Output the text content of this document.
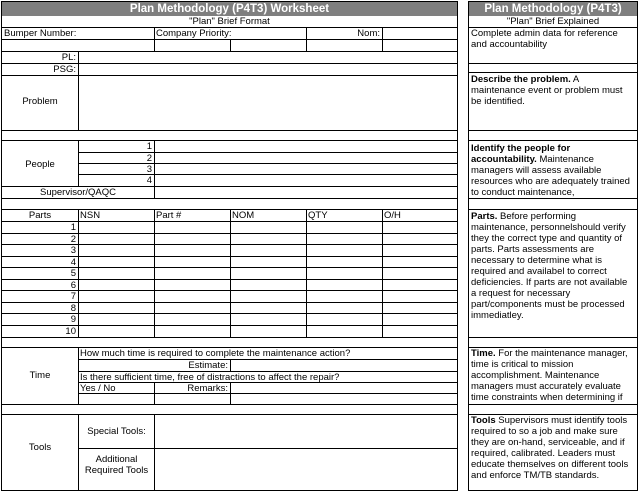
Plan Methodology (P4T3) Worksheet
"Plan" Brief Format
Bumper Number:	Company Priority:	Nom:
PL:
PSG:
Problem
People
1
2
3
4
Supervisor/QAQC
Parts	NSN	Part #	NOM	QTY	O/H
1
2
3
4
5
6
7
8
9
10
Time
How much time is required to complete the maintenance action?
Estimate:
Is there sufficient time, free of distractions to affect the repair?
Yes / No	Remarks:
Tools
Special Tools:
Additional
Required Tools
Plan Methodology (P4T3)
"Plan" Brief Explained
Complete admin data for reference and accountability
Describe the problem. A maintenance event or problem must be identified.
Identify the people for accountability. Maintenance managers will assess available resources who are adequately trained to conduct maintenance,
Parts. Before performing maintenance, personnelshould verify they the correct type and quantity of parts. Parts assessments are necessary to determine what is required and availabel to correct deficiencies. If parts are not available a request for necessary part/components must be processed immediatley.
Time. For the maintenance manager, time is critical to mission accomplishment. Maintenance managers must accurately evaluate time constraints when determining if
Tools Supervisors must identify tools required to so a job and make sure they are on-hand, serviceable, and if required, calibrated. Leaders must educate themselves on different tools and enforce TM/TB standards.
